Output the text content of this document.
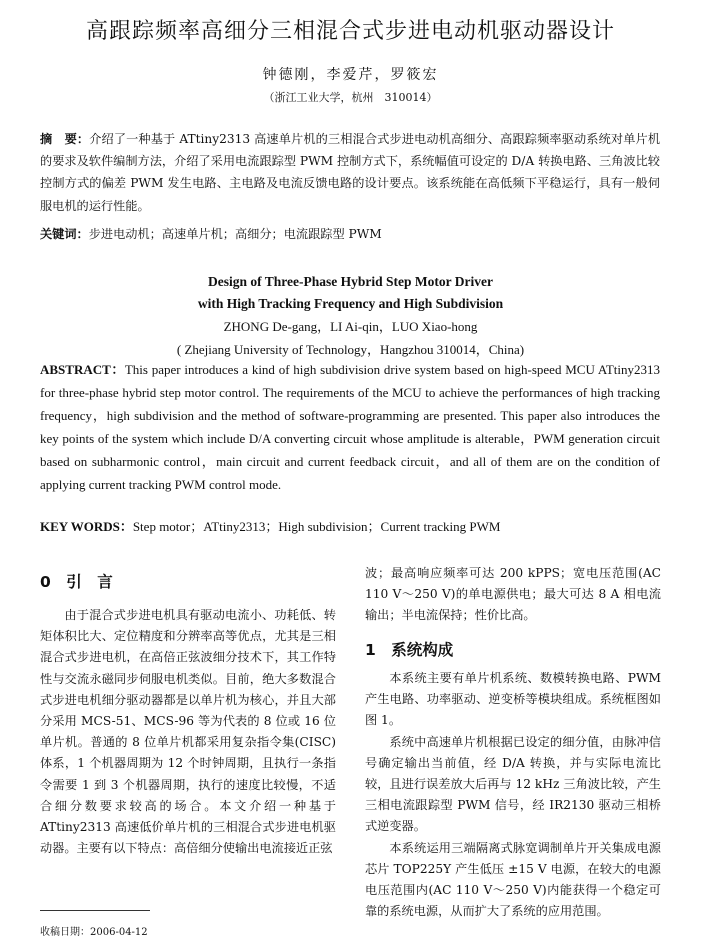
高跟踪频率高细分三相混合式步进电动机驱动器设计
钟德刚，李爱芹，罗筱宏
（浙江工业大学，杭州　310014）
摘　要：介绍了一种基于 ATtiny2313 高速单片机的三相混合式步进电动机高细分、高跟踪频率驱动系统对单片机的要求及软件编制方法，介绍了采用电流跟踪型 PWM 控制方式下，系统幅值可设定的 D/A 转换电路、三角波比较控制方式的偏差 PWM 发生电路、主电路及电流反馈电路的设计要点。该系统能在高低频下平稳运行，具有一般伺服电机的运行性能。
关键词：步进电动机；高速单片机；高细分；电流跟踪型 PWM
Design of Three-Phase Hybrid Step Motor Driver
with High Tracking Frequency and High Subdivision
ZHONG De-gang，LI Ai-qin，LUO Xiao-hong
( Zhejiang University of Technology，Hangzhou 310014，China)
ABSTRACT：This paper introduces a kind of high subdivision drive system based on high-speed MCU ATtiny2313 for three-phase hybrid step motor control. The requirements of the MCU to achieve the performances of high tracking frequency，high subdivision and the method of software-programming are presented. This paper also introduces the key points of the system which include D/A converting circuit whose amplitude is alterable，PWM generation circuit based on subharmonic control，main circuit and current feedback circuit，and all of them are on the condition of applying current tracking PWM control mode.
KEY WORDS：Step motor；ATtiny2313；High subdivision；Current tracking PWM
0　引　言

由于混合式步进电机具有驱动电流小、功耗低、转矩体积比大、定位精度和分辨率高等优点，尤其是三相混合式步进电机，在高倍正弦波细分技术下，其工作特性与交流永磁同步伺服电机类似。目前，绝大多数混合式步进电机细分驱动器都是以单片机为核心，并且大部分采用 MCS-51、MCS-96 等为代表的 8 位或 16 位单片机。普通的 8 位单片机都采用复杂指令集(CISC)体系，1 个机器周期为 12 个时钟周期，且执行一条指令需要 1 到 3 个机器周期，执行的速度比较慢，不适合细分数要求较高的场合。本文介绍一种基于 ATtiny2313 高速低价单片机的三相混合式步进电机驱动器。主要有以下特点：高倍细分使输出电流接近正弦

波；最高响应频率可达 200 kPPS；宽电压范围(AC 110 V～250 V)的单电源供电；最大可达 8 A 相电流输出；半电流保持；性价比高。

1　系统构成

本系统主要有单片机系统、数模转换电路、PWM 产生电路、功率驱动、逆变桥等模块组成。系统框图如图 1。

系统中高速单片机根据已设定的细分值，由脉冲信号确定输出当前值，经 D/A 转换，并与实际电流比较，且进行误差放大后再与 12 kHz 三角波比较，产生三相电流跟踪型 PWM 信号，经 IR2130 驱动三相桥式逆变器。

本系统运用三端隔离式脉宽调制单片开关集成电源芯片 TOP225Y 产生低压 ±15 V 电源，在较大的电源电压范围内(AC 110 V～250 V)内能获得一个稳定可靠的系统电源，从而扩大了系统的应用范围。

收稿日期：2006-04-12
